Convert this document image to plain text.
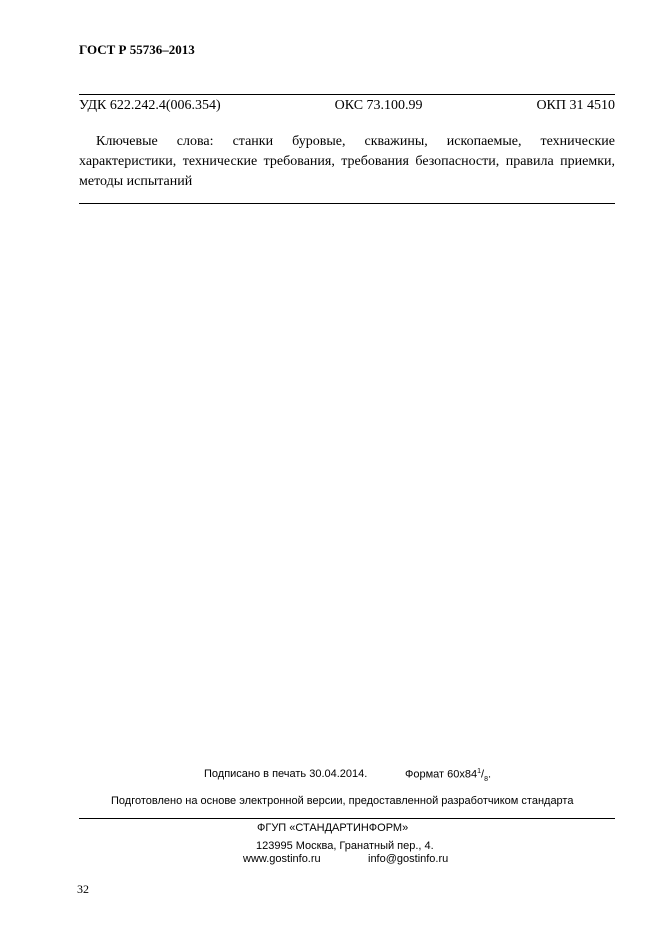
ГОСТ Р 55736–2013
УДК 622.242.4(006.354)	ОКС 73.100.99	ОКП 31 4510
Ключевые слова: станки буровые, скважины, ископаемые, технические характеристики, технические требования, требования безопасности, правила приемки, методы испытаний
Подписано в печать 30.04.2014.	Формат $60x84^1/_8$.
Подготовлено на основе электронной версии, предоставленной разработчиком стандарта
ФГУП «СТАНДАРТИНФОРМ»
123995 Москва, Гранатный пер., 4.
www.gostinfo.ru	info@gostinfo.ru
32
